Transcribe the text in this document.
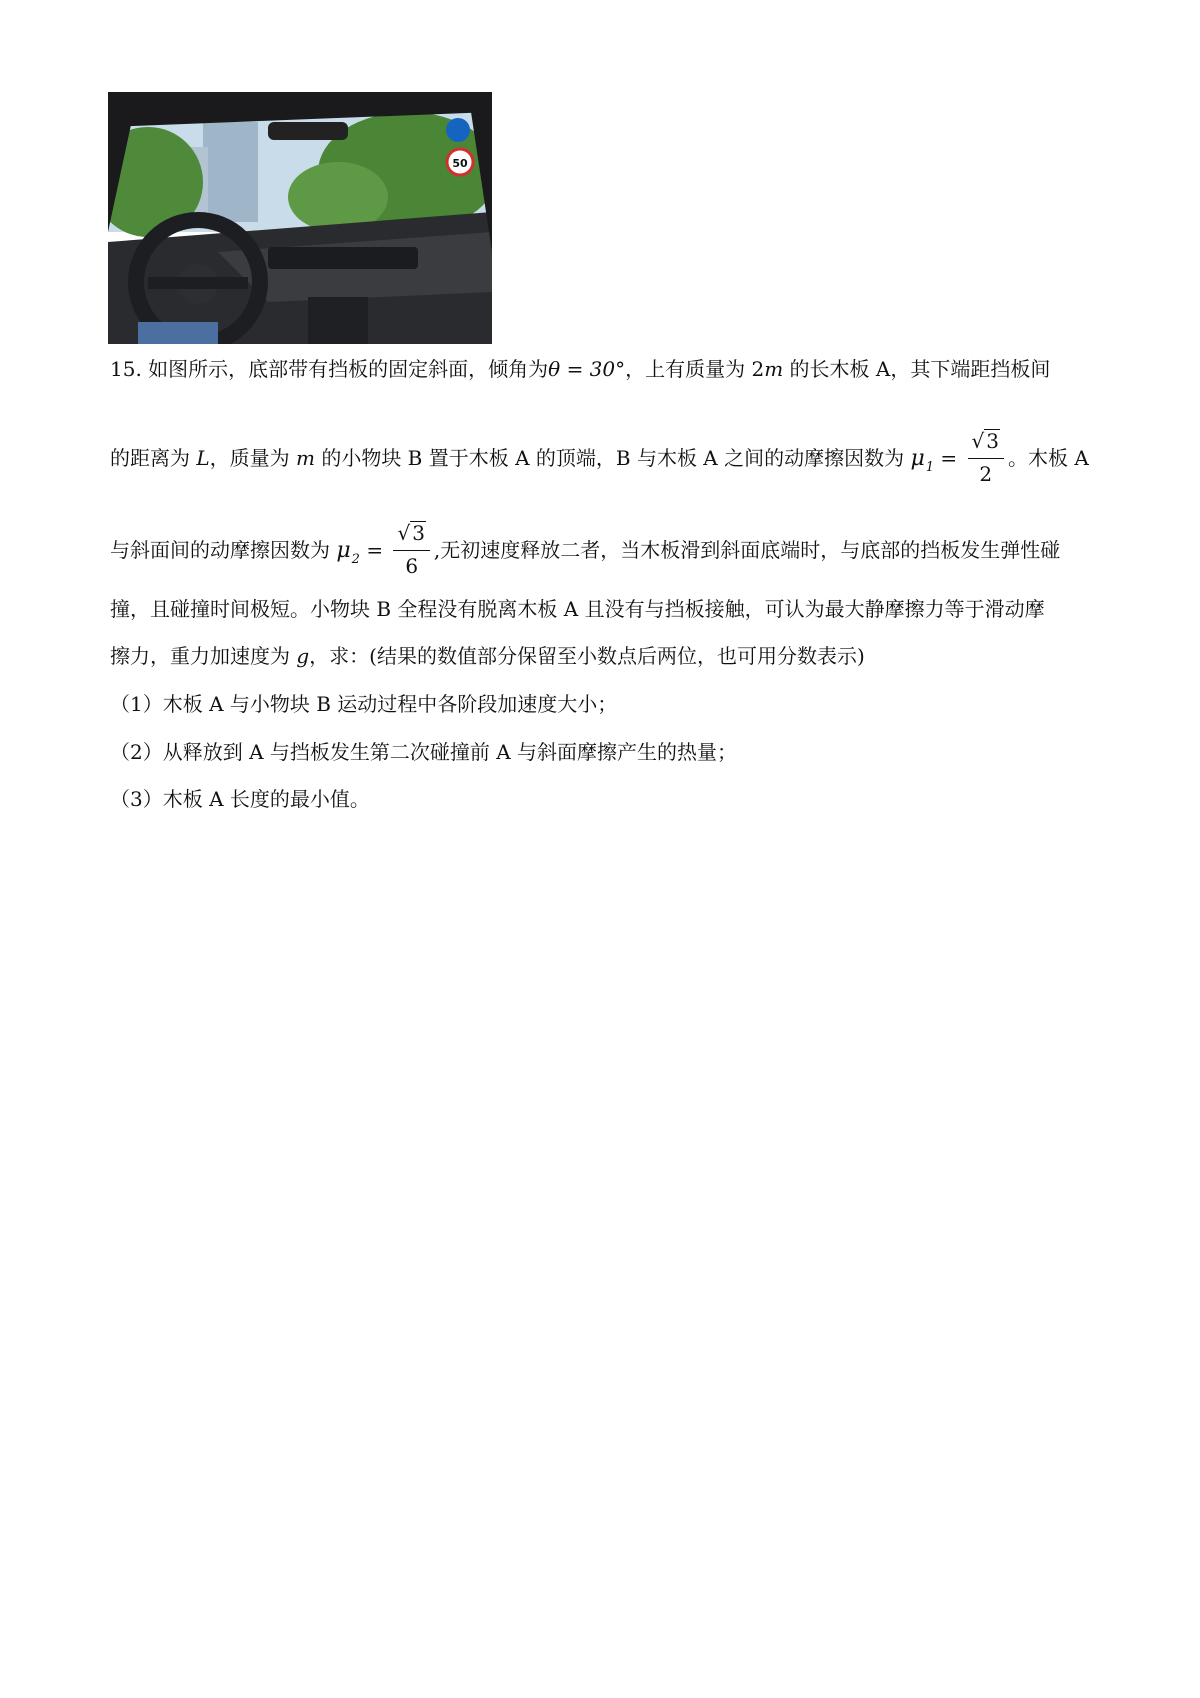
50
15. 如图所示，底部带有挡板的固定斜面，倾角为θ = 30°，上有质量为 2m 的长木板 A，其下端距挡板间
的距离为 L，质量为 m 的小物块 B 置于木板 A 的顶端，B 与木板 A 之间的动摩擦因数为 $\mu_1 = \frac{√ 3}{2}$ 。木板 A
与斜面间的动摩擦因数为 $\mu_2 = \frac{√ 3}{6}$ ,无初速度释放二者，当木板滑到斜面底端时，与底部的挡板发生弹性碰
撞，且碰撞时间极短。小物块 B 全程没有脱离木板 A 且没有与挡板接触，可认为最大静摩擦力等于滑动摩
擦力，重力加速度为 g，求：(结果的数值部分保留至小数点后两位，也可用分数表示)
（1）木板 A 与小物块 B 运动过程中各阶段加速度大小；
（2）从释放到 A 与挡板发生第二次碰撞前 A 与斜面摩擦产生的热量；
（3）木板 A 长度的最小值。
